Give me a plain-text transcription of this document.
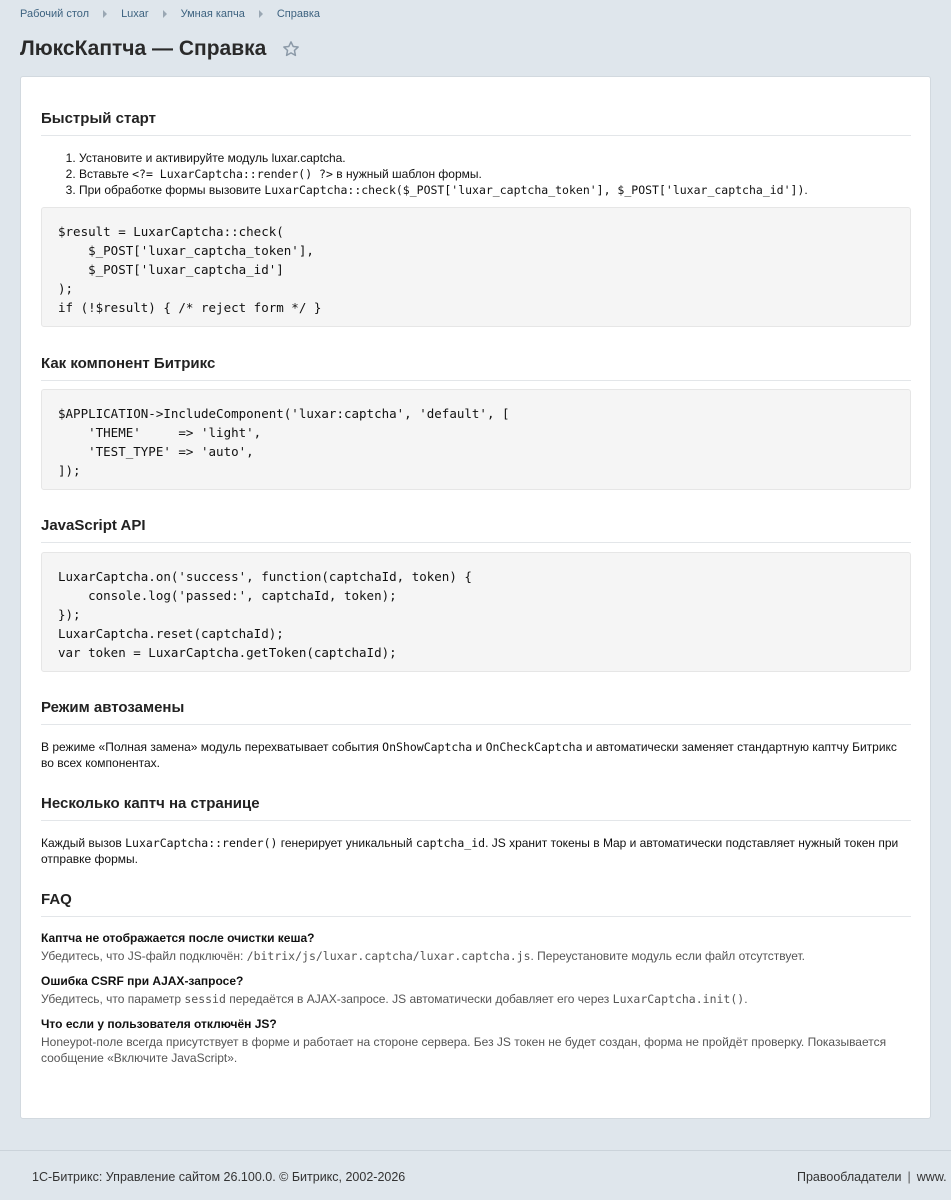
Рабочий стол	Luxar	Умная капча	Справка
ЛюксКаптча — Справка
Быстрый старт
1. Установите и активируйте модуль luxar.captcha.
2. Вставьте <?= LuxarCaptcha::render() ?> в нужный шаблон формы.
3. При обработке формы вызовите LuxarCaptcha::check($_POST['luxar_captcha_token'], $_POST['luxar_captcha_id']).
$result = LuxarCaptcha::check(
$_POST['luxar_captcha_token'],
$_POST['luxar_captcha_id']
);
if (!$result) { /* reject form */ }
Как компонент Битрикс
$APPLICATION->IncludeComponent('luxar:captcha', 'default', [
'THEME'     => 'light',
'TEST_TYPE' => 'auto',
]);
JavaScript API
LuxarCaptcha.on('success', function(captchaId, token) {
console.log('passed:', captchaId, token);
});
LuxarCaptcha.reset(captchaId);
var token = LuxarCaptcha.getToken(captchaId);
Режим автозамены

В режиме «Полная замена» модуль перехватывает события OnShowCaptcha и OnCheckCaptcha и автоматически заменяет стандартную каптчу Битрикс во всех компонентах.

Несколько каптч на странице

Каждый вызов LuxarCaptcha::render() генерирует уникальный captcha_id. JS хранит токены в Map и автоматически подставляет нужный токен при отправке формы.

FAQ

Каптча не отображается после очистки кеша?

Убедитесь, что JS-файл подключён: /bitrix/js/luxar.captcha/luxar.captcha.js. Переустановите модуль если файл отсутствует.

Ошибка CSRF при AJAX-запросе?

Убедитесь, что параметр sessid передаётся в AJAX-запросе. JS автоматически добавляет его через LuxarCaptcha.init().

Что если у пользователя отключён JS?

Honeypot-поле всегда присутствует в форме и работает на стороне сервера. Без JS токен не будет создан, форма не пройдёт проверку. Показывается сообщение «Включите JavaScript».

1С-Битрикс: Управление сайтом 26.100.0. © Битрикс, 2002-2026	Правообладатели | www.
